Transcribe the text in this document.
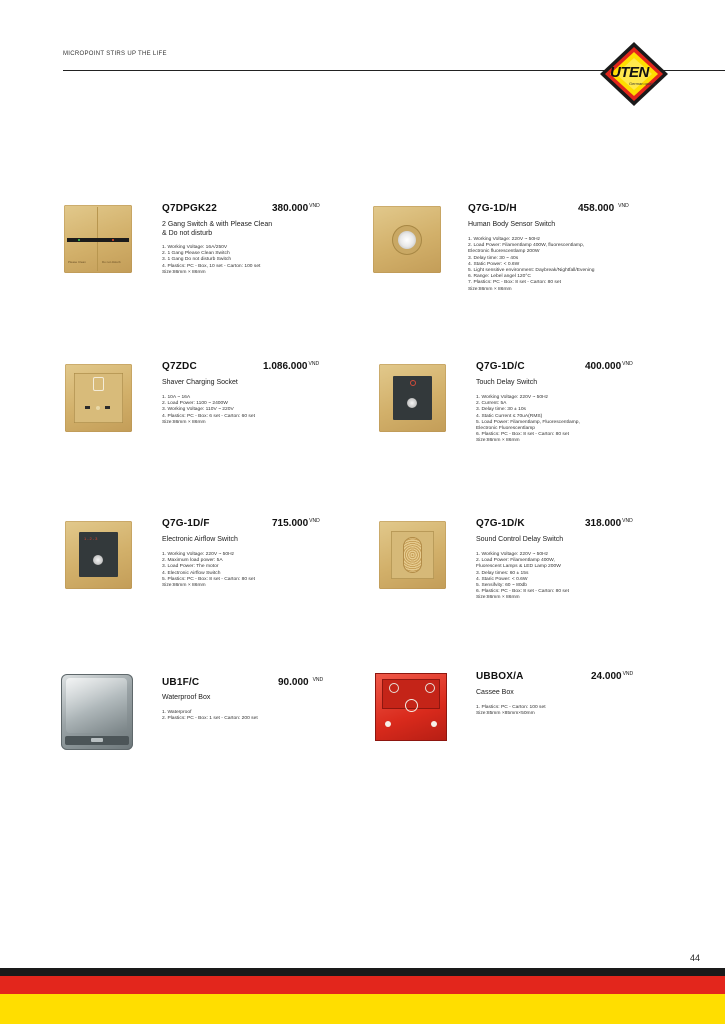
MICROPOINT STIRS UP THE LIFE
UTEN
German quality
Please Clean	Do not disturb
Q7DPGK22	$380.000^{VND}$
2 Gang Switch & with Please Clean
& Do not disturb
1. Working Voltage: 16A/250V
2. 1 Gang Please Clean Switch
3. 1 Gang Do not disturb Switch
4. Plastics: PC - Box, 10 set - Carton: 100 set
Size:86mm × 86mm
Q7G-1D/H	458.000 $^{VND}$
Human Body Sensor Switch
1. Working Voltage: 220V ~ 50Hz
2. Load Power: Filamentlamp 400W, fluorescentlamp,
Electronic fluorescentlamp 200W
3. Delay time: 30 ~ 40s
4. Static Power: < 0.6W
5. Light sensitive environment: Daybreak/Nightfall/Evening
6. Range: Lebel angel 120°C
7. Plastics: PC - Box: 8 set - Carton: 80 set
Size:86mm × 86mm
Q7ZDC	$1.086.000^{VND}$
Shaver Charging Socket
1. 10A ~ 16A
2. Load Power: 1100 ~ 2400W
3. Working Voltage: 110V ~ 220V
4. Plastics: PC - Box: 6 set - Carton: 60 set
Size:86mm × 86mm
Q7G-1D/C	$400.000^{VND}$
Touch Delay Switch
1. Working Voltage: 220V ~ 50Hz
2. Current: 5A
3. Delay time: 30 ± 10s
4. Static Current ≤ 70uA(RMS)
5. Load Power: Filamentlamp, Fluorescentlamp,
Electronic Fluorescentlamp
6. Plastics: PC - Box: 8 set - Carton: 80 set
Size:86mm × 86mm
1-2-3
Q7G-1D/F	$715.000^{VND}$
Electronic Airflow Switch
1. Working Voltage: 220V ~ 50Hz
2. Maximum load power: 5A
3. Load Power: The motor
4. Electronic Airflow Switch
5. Plastics: PC - Box: 8 set - Carton: 80 set
Size:86mm × 86mm
Q7G-1D/K	$318.000^{VND}$
Sound Control Delay Switch
1. Working Voltage: 220V ~ 50Hz
2. Load Power: Filamentlamp 400W,
Fluorescent Lamps & LED Lamp 200W
3. Delay times: 60 ± 15s
4. Staric Power: < 0.6W
5. Sensifvity: 60 ~ 80db
6. Plastics: PC - Box: 8 set - Carton: 80 set
Size:86mm × 86mm
UB1F/C	90.000 $^{VND}$
Waterproof Box
1. Waterproof
2. Plastics: PC - Box: 1 set - Carton: 200 set
UBBOX/A	$24.000^{VND}$
Cassee Box
1. Plastics: PC - Carton: 100 set
Size:85mm ×85mm×50mm
44
